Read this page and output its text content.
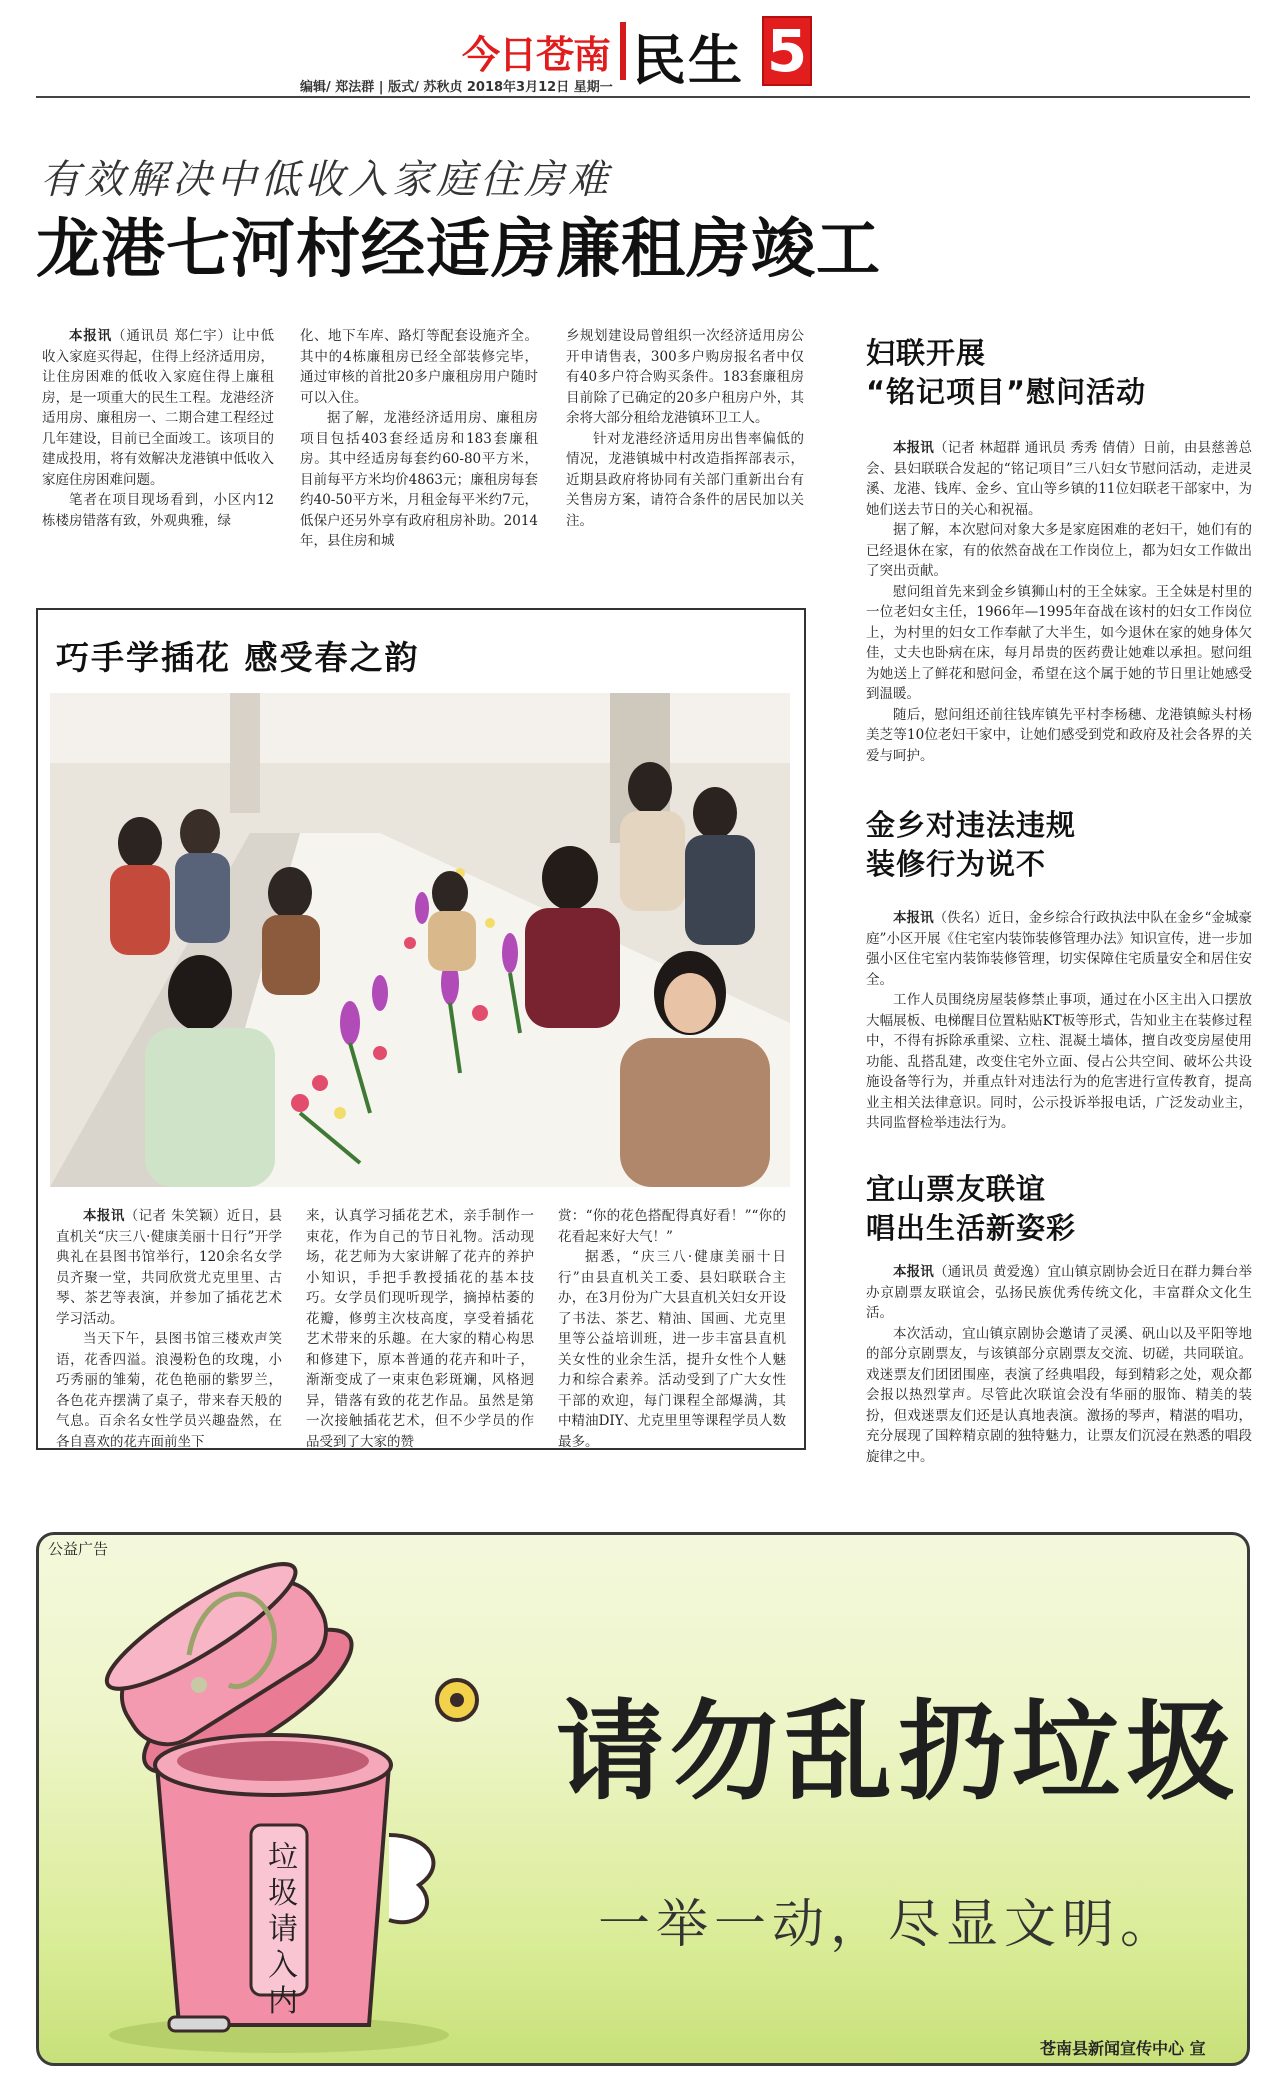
今日苍南 民生 5
编辑/ 郑法群 | 版式/ 苏秋贞 2018年3月12日 星期一
有效解决中低收入家庭住房难
龙港七河村经适房廉租房竣工

本报讯（通讯员 郑仁宇）让中低收入家庭买得起，住得上经济适用房，让住房困难的低收入家庭住得上廉租房，是一项重大的民生工程。龙港经济适用房、廉租房一、二期合建工程经过几年建设，目前已全面竣工。该项目的建成投用，将有效解决龙港镇中低收入家庭住房困难问题。

笔者在项目现场看到，小区内12栋楼房错落有致，外观典雅，绿

化、地下车库、路灯等配套设施齐全。其中的4栋廉租房已经全部装修完毕，通过审核的首批20多户廉租房用户随时可以入住。

据了解，龙港经济适用房、廉租房项目包括403套经适房和183套廉租房。其中经适房每套约60-80平方米，目前每平方米均价4863元；廉租房每套约40-50平方米，月租金每平米约7元，低保户还另外享有政府租房补助。2014年，县住房和城

乡规划建设局曾组织一次经济适用房公开申请售表，300多户购房报名者中仅有40多户符合购买条件。183套廉租房目前除了已确定的20多户租房户外，其余将大部分租给龙港镇环卫工人。

针对龙港经济适用房出售率偏低的情况，龙港镇城中村改造指挥部表示，近期县政府将协同有关部门重新出台有关售房方案，请符合条件的居民加以关注。

巧手学插花 感受春之韵

本报讯（记者 朱笑颖）近日，县直机关“庆三八·健康美丽十日行”开学典礼在县图书馆举行，120余名女学员齐聚一堂，共同欣赏尤克里里、古琴、茶艺等表演，并参加了插花艺术学习活动。

当天下午，县图书馆三楼欢声笑语，花香四溢。浪漫粉色的玫瑰，小巧秀丽的雏菊，花色艳丽的紫罗兰，各色花卉摆满了桌子，带来春天般的气息。百余名女性学员兴趣盎然，在各自喜欢的花卉面前坐下

来，认真学习插花艺术，亲手制作一束花，作为自己的节日礼物。活动现场，花艺师为大家讲解了花卉的养护小知识，手把手教授插花的基本技巧。女学员们现听现学，摘掉枯萎的花瓣，修剪主次枝高度，享受着插花艺术带来的乐趣。在大家的精心构思和修建下，原本普通的花卉和叶子，渐渐变成了一束束色彩斑斓，风格迥异，错落有致的花艺作品。虽然是第一次接触插花艺术，但不少学员的作品受到了大家的赞

赏：“你的花色搭配得真好看！”“你的花看起来好大气！”

据悉，“庆三八·健康美丽十日行”由县直机关工委、县妇联联合主办，在3月份为广大县直机关妇女开设了书法、茶艺、精油、国画、尤克里里等公益培训班，进一步丰富县直机关女性的业余生活，提升女性个人魅力和综合素养。活动受到了广大女性干部的欢迎，每门课程全部爆满，其中精油DIY、尤克里里等课程学员人数最多。

妇联开展
“铭记项目”慰问活动

本报讯（记者 林超群 通讯员 秀秀 倩倩）日前，由县慈善总会、县妇联联合发起的“铭记项目”三八妇女节慰问活动，走进灵溪、龙港、钱库、金乡、宜山等乡镇的11位妇联老干部家中，为她们送去节日的关心和祝福。

据了解，本次慰问对象大多是家庭困难的老妇干，她们有的已经退休在家，有的依然奋战在工作岗位上，都为妇女工作做出了突出贡献。

慰问组首先来到金乡镇狮山村的王全妹家。王全妹是村里的一位老妇女主任，1966年—1995年奋战在该村的妇女工作岗位上，为村里的妇女工作奉献了大半生，如今退休在家的她身体欠佳，丈夫也卧病在床，每月昂贵的医药费让她难以承担。慰问组为她送上了鲜花和慰问金，希望在这个属于她的节日里让她感受到温暖。

随后，慰问组还前往钱库镇先平村李杨穗、龙港镇鲸头村杨美芝等10位老妇干家中，让她们感受到党和政府及社会各界的关爱与呵护。

金乡对违法违规
装修行为说不

本报讯（佚名）近日，金乡综合行政执法中队在金乡“金城豪庭”小区开展《住宅室内装饰装修管理办法》知识宣传，进一步加强小区住宅室内装饰装修管理，切实保障住宅质量安全和居住安全。

工作人员围绕房屋装修禁止事项，通过在小区主出入口摆放大幅展板、电梯醒目位置粘贴KT板等形式，告知业主在装修过程中，不得有拆除承重梁、立柱、混凝土墙体，擅自改变房屋使用功能、乱搭乱建，改变住宅外立面、侵占公共空间、破坏公共设施设备等行为，并重点针对违法行为的危害进行宣传教育，提高业主相关法律意识。同时，公示投诉举报电话，广泛发动业主，共同监督检举违法行为。

宜山票友联谊
唱出生活新姿彩

本报讯（通讯员 黄爱逸）宜山镇京剧协会近日在群力舞台举办京剧票友联谊会，弘扬民族优秀传统文化，丰富群众文化生活。

本次活动，宜山镇京剧协会邀请了灵溪、矾山以及平阳等地的部分京剧票友，与该镇部分京剧票友交流、切磋，共同联谊。戏迷票友们团团围座，表演了经典唱段，每到精彩之处，观众都会报以热烈掌声。尽管此次联谊会没有华丽的服饰、精美的装扮，但戏迷票友们还是认真地表演。激扬的琴声，精湛的唱功，充分展现了国粹精京剧的独特魅力，让票友们沉浸在熟悉的唱段旋律之中。

公益广告
请勿乱扔垃圾
一举一动，尽显文明。
垃圾请入内
苍南县新闻宣传中心 宣
